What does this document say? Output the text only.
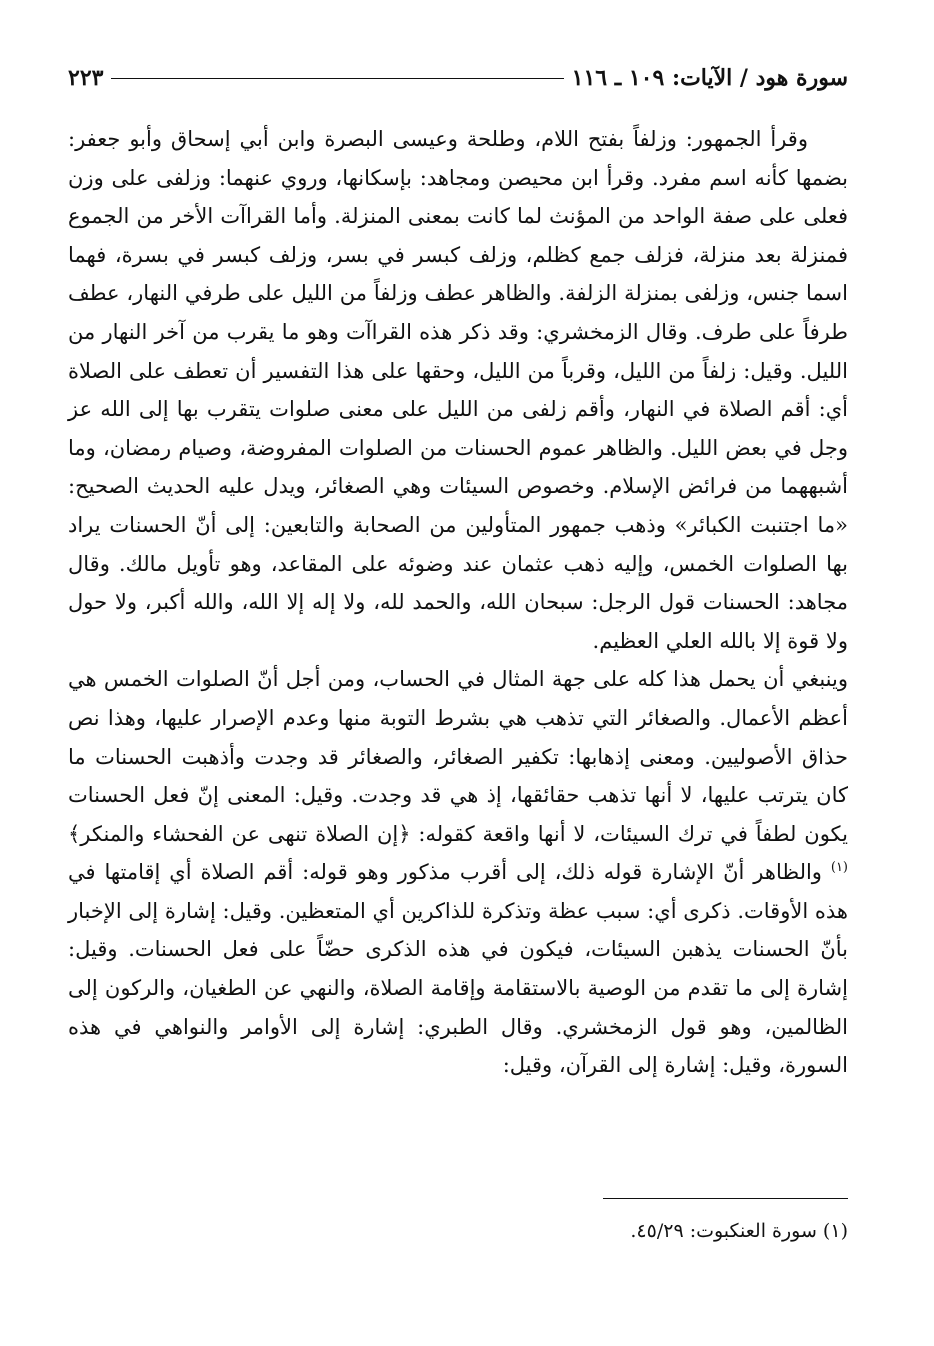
سورة هود / الآيات: ١٠٩ ـ ١١٦
٢٢٣

وقرأ الجمهور: وزلفاً بفتح اللام، وطلحة وعيسى البصرة وابن أبي إسحاق وأبو جعفر: بضمها كأنه اسم مفرد. وقرأ ابن محيصن ومجاهد: بإسكانها، وروي عنهما: وزلفى على وزن فعلى على صفة الواحد من المؤنث لما كانت بمعنى المنزلة. وأما القراآت الأخر من الجموع فمنزلة بعد منزلة، فزلف جمع كظلم، وزلف كبسر في بسر، وزلف كبسر في بسرة، فهما اسما جنس، وزلفى بمنزلة الزلفة. والظاهر عطف وزلفاً من الليل على طرفي النهار، عطف طرفاً على طرف. وقال الزمخشري: وقد ذكر هذه القراآت وهو ما يقرب من آخر النهار من الليل. وقيل: زلفاً من الليل، وقرباً من الليل، وحقها على هذا التفسير أن تعطف على الصلاة أي: أقم الصلاة في النهار، وأقم زلفى من الليل على معنى صلوات يتقرب بها إلى الله عز وجل في بعض الليل. والظاهر عموم الحسنات من الصلوات المفروضة، وصيام رمضان، وما أشبههما من فرائض الإسلام. وخصوص السيئات وهي الصغائر، ويدل عليه الحديث الصحيح: «ما اجتنبت الكبائر» وذهب جمهور المتأولين من الصحابة والتابعين: إلى أنّ الحسنات يراد بها الصلوات الخمس، وإليه ذهب عثمان عند وضوئه على المقاعد، وهو تأويل مالك. وقال مجاهد: الحسنات قول الرجل: سبحان الله، والحمد لله، ولا إله إلا الله، والله أكبر، ولا حول ولا قوة إلا بالله العلي العظيم.

وينبغي أن يحمل هذا كله على جهة المثال في الحساب، ومن أجل أنّ الصلوات الخمس هي أعظم الأعمال. والصغائر التي تذهب هي بشرط التوبة منها وعدم الإصرار عليها، وهذا نص حذاق الأصوليين. ومعنى إذهابها: تكفير الصغائر، والصغائر قد وجدت وأذهبت الحسنات ما كان يترتب عليها، لا أنها تذهب حقائقها، إذ هي قد وجدت. وقيل: المعنى إنّ فعل الحسنات يكون لطفاً في ترك السيئات، لا أنها واقعة كقوله: ﴿إن الصلاة تنهى عن الفحشاء والمنكر﴾$^{(١)}$ والظاهر أنّ الإشارة قوله ذلك، إلى أقرب مذكور وهو قوله: أقم الصلاة أي إقامتها في هذه الأوقات. ذكرى أي: سبب عظة وتذكرة للذاكرين أي المتعظين. وقيل: إشارة إلى الإخبار بأنّ الحسنات يذهبن السيئات، فيكون في هذه الذكرى حضّاً على فعل الحسنات. وقيل: إشارة إلى ما تقدم من الوصية بالاستقامة وإقامة الصلاة، والنهي عن الطغيان، والركون إلى الظالمين، وهو قول الزمخشري. وقال الطبري: إشارة إلى الأوامر والنواهي في هذه السورة، وقيل: إشارة إلى القرآن، وقيل:

(١) سورة العنكبوت: ٤٥/٢٩.
